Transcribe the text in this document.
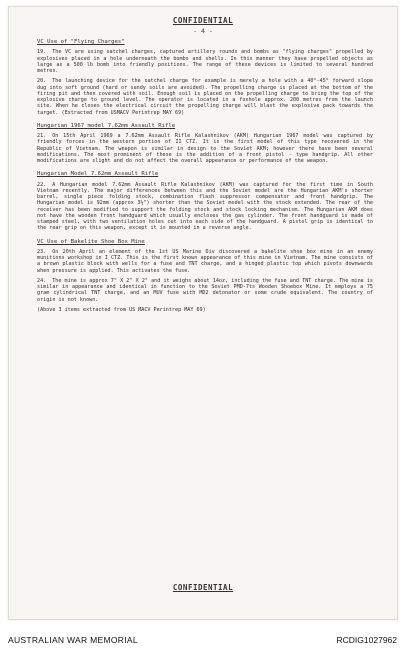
CONFIDENTIAL
- 4 -
VC Use of "Flying Charges"
19. The VC are using satchel charges, captured artillery rounds and bombs as "flying charges" propelled by explosives placed in a hole underneath the bombs and shells. In this manner they have propelled objects as large as a 500 lb bomb into friendly positions. The range of these devices is limited to several hundred metres.
20. The launching device for the satchel charge for example is merely a hole with a 40°-45° forward slope dug into soft ground (hard or sandy soils are avoided). The propelling charge is placed at the bottom of the firing pit and then covered with soil. Enough soil is placed on the propelling charge to bring the top of the explosive charge to ground level. The operator is located in a foxhole approx. 200 metres from the launch site. When he closes the electrical circuit the propelling charge will blast the explosive pack towards the target. (Extracted from USMACV Perintrep MAY 69)
Hungarian 1967 model 7.62mm Assault Rifle
21. On 15th April 1969 a 7.62mm Assault Rifle Kalashnikov (AKM) Hungarian 1967 model was captured by friendly forces in the western portion of II CTZ. It is the first model of this type recovered in the Republic of Vietnam. The weapon is similar in design to the Soviet AKM; however there have been several modifications. The most prominent of these is the addition of a front pistol - type handgrip. All other modifications are slight and do not affect the overall appearance or performance of the weapon.
Hungarian Model 7.62mm Assault Rifle
22. A Hungarian model 7.62mm Assault Rifle Kalashnikov (AKM) was captured for the first time in South Vietnam recently. The major differences between this and the Soviet model are the Hungarian AKM's shorter barrel, single piece folding stock, combination flash suppressor compensator and front handgrip. The Hungarian model is 92mm (approx 3½") shorter than the Soviet model with the stock extended. The rear of the receiver has been modified to support the folding stock and stock locking mechanism. The Hungarian AKM does not have the wooden front handguard which usually encloses the gas cylinder. The front handguard is made of stamped steel, with two ventilation holes cut into each side of the handguard. A pistol grip is identical to the rear grip on this weapon, except it is mounted in a reverse angle.
VC Use of Bakelite Shoe Box Mine
23. On 20th April an element of the 1st US Marine Div discovered a bakelite shoe box mine in an enemy munitions workshop in I CTZ. This is the first known appearance of this mine in Vietnam. The mine consists of a brown plastic block with wells for a fuse and TNT charge, and a hinged plastic top which pivots downwards when pressure is applied. This activates the fuse.
24. The mine is approx 7" X 2" X 2" and it weighs about 14oz, including the fuse and TNT charge. The mine is similar in appearance and identical in function to the Soviet PMD-7ts Wooden Shoebox Mine. It employs a 75 gram cylindrical TNT charge, and an MUV fuse with MD2 detonator or some crude equivalent. The country of origin is not known.
(Above 3 items extracted from US MACV Perintrep MAY 69)
CONFIDENTIAL
AUSTRALIAN WAR MEMORIAL	RCDIG1027962
